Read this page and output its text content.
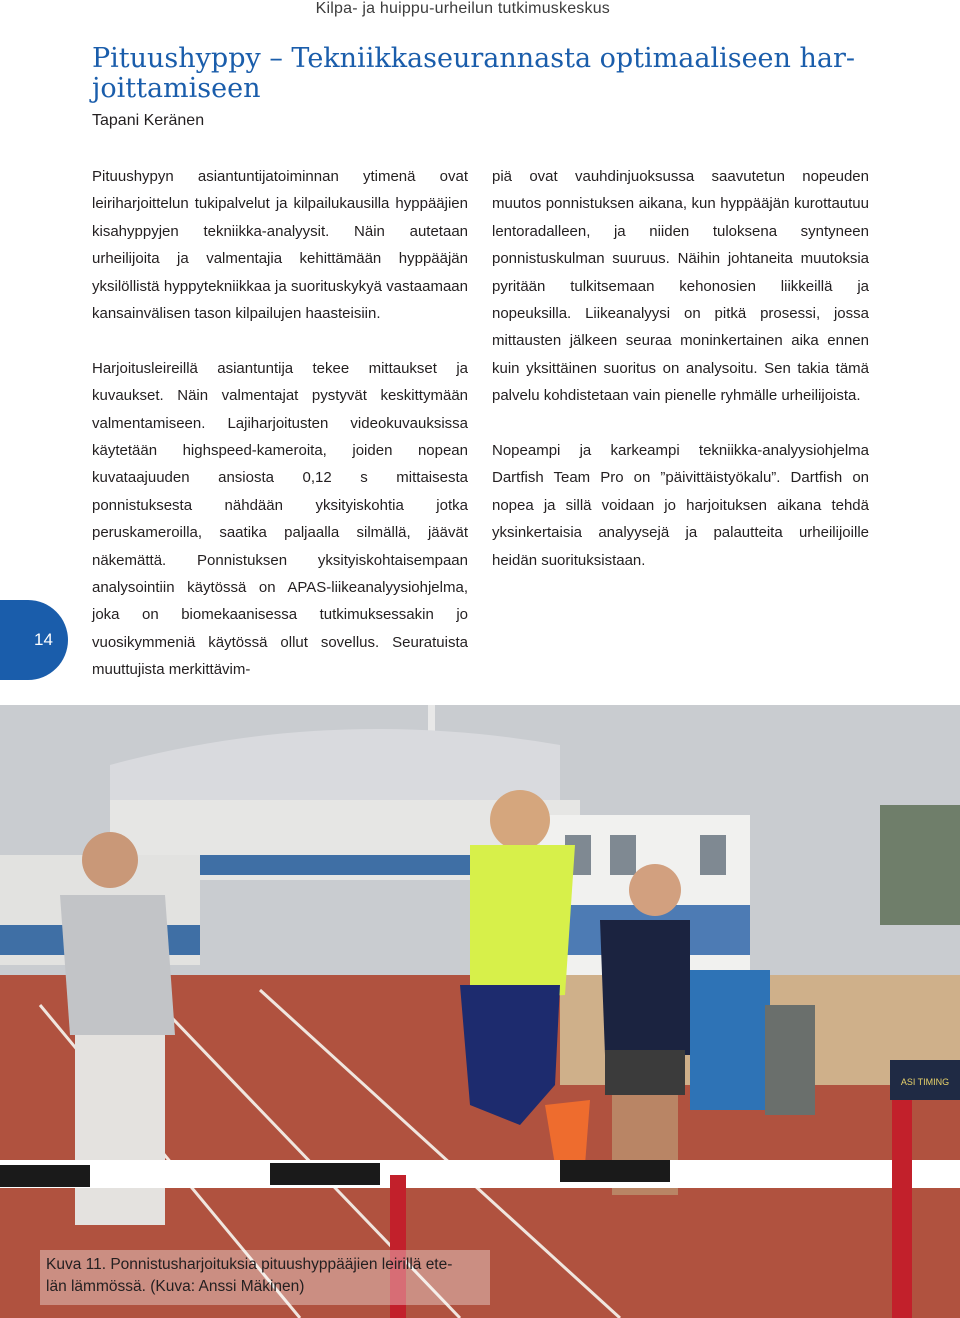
Kilpa- ja huippu-urheilun tutkimuskeskus
Pituushyppy – Tekniikkaseurannasta optimaaliseen har-
joittamiseen
Tapani Keränen
14

Pituushypyn asiantuntijatoiminnan ytimenä ovat leiriharjoittelun tukipalvelut ja kilpailukausilla hyppääjien kisahyppyjen tekniikka-analyysit. Näin autetaan urheilijoita ja valmentajia kehittämään hyppääjän yksilöllistä hyppytekniikkaa ja suorituskykyä vastaamaan kansainvälisen tason kilpailujen haasteisiin.

Harjoitusleireillä asiantuntija tekee mittaukset ja kuvaukset. Näin valmentajat pystyvät keskittymään valmentamiseen. Lajiharjoitusten videokuvauksissa käytetään highspeed-kameroita, joiden nopean kuvataajuuden ansiosta 0,12 s mittaisesta ponnistuksesta nähdään yksityiskohtia jotka peruskameroilla, saatika paljaalla silmällä, jäävät näkemättä. Ponnistuksen yksityiskohtaisempaan analysointiin käytössä on APAS-liikeanalyysiohjelma, joka on biomekaanisessa tutkimuksessakin jo vuosikymmeniä käytössä ollut sovellus. Seuratuista muuttujista merkittävim-

piä ovat vauhdinjuoksussa saavutetun nopeuden muutos ponnistuksen aikana, kun hyppääjän kurottautuu lentoradalleen, ja niiden tuloksena syntyneen ponnistuskulman suuruus. Näihin johtaneita muutoksia pyritään tulkitsemaan kehonosien liikkeillä ja nopeuksilla. Liikeanalyysi on pitkä prosessi, jossa mittausten jälkeen seuraa moninkertainen aika ennen kuin yksittäinen suoritus on analysoitu. Sen takia tämä palvelu kohdistetaan vain pienelle ryhmälle urheilijoista.

Nopeampi ja karkeampi tekniikka-analyysiohjelma Dartfish Team Pro on ”päivittäistyökalu”. Dartfish on nopea ja sillä voidaan jo harjoituksen aikana tehdä yksinkertaisia analyysejä ja palautteita urheilijoille heidän suorituksistaan.

ASI TIMING
Kuva 11. Ponnistusharjoituksia pituushyppääjien leirillä ete-
län lämmössä. (Kuva: Anssi Mäkinen)
